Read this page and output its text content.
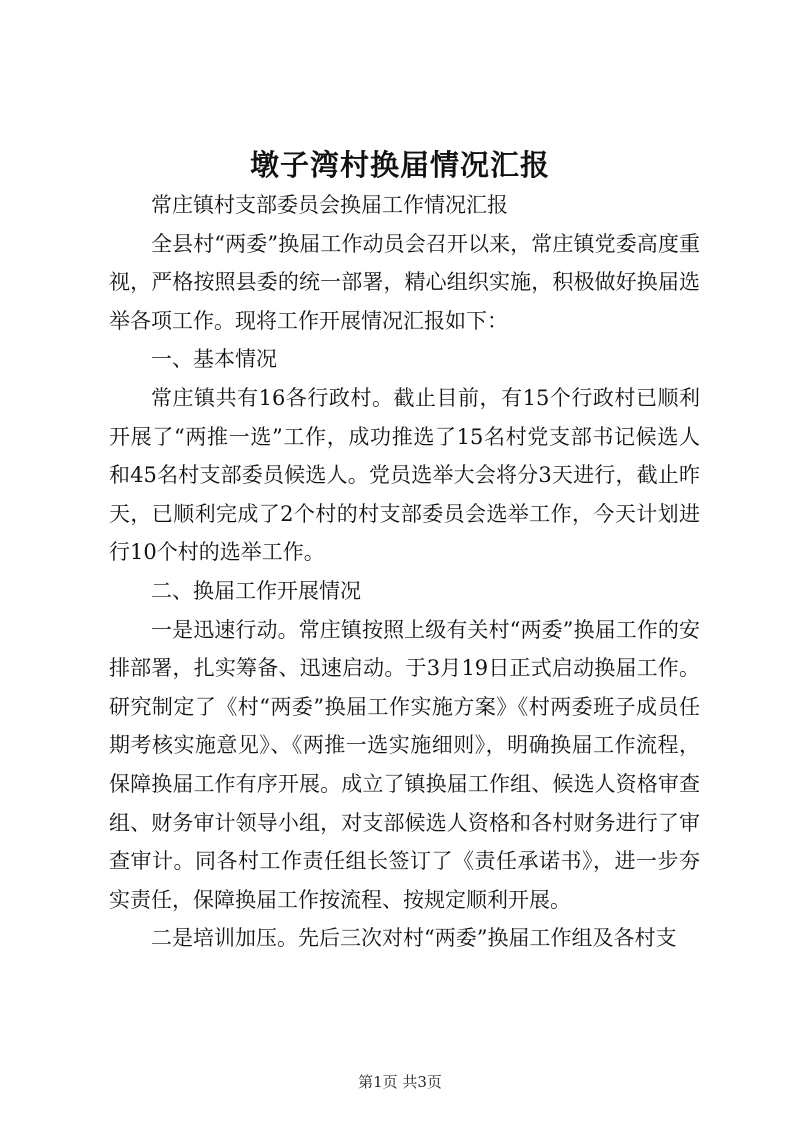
墩子湾村换届情况汇报

常庄镇村支部委员会换届工作情况汇报

全县村“两委”换届工作动员会召开以来，常庄镇党委高度重视，严格按照县委的统一部署，精心组织实施，积极做好换届选举各项工作。现将工作开展情况汇报如下：

一、基本情况

常庄镇共有16各行政村。截止目前，有15个行政村已顺利开展了“两推一选”工作，成功推选了15名村党支部书记候选人和45名村支部委员候选人。党员选举大会将分3天进行，截止昨天，已顺利完成了2个村的村支部委员会选举工作，今天计划进行10个村的选举工作。

二、换届工作开展情况

一是迅速行动。常庄镇按照上级有关村“两委”换届工作的安排部署，扎实筹备、迅速启动。于3月19日正式启动换届工作。研究制定了《村“两委”换届工作实施方案》《村两委班子成员任期考核实施意见》、《两推一选实施细则》，明确换届工作流程，保障换届工作有序开展。成立了镇换届工作组、候选人资格审查组、财务审计领导小组，对支部候选人资格和各村财务进行了审查审计。同各村工作责任组长签订了《责任承诺书》，进一步夯实责任，保障换届工作按流程、按规定顺利开展。

二是培训加压。先后三次对村“两委”换届工作组及各村支

第1页 共3页
